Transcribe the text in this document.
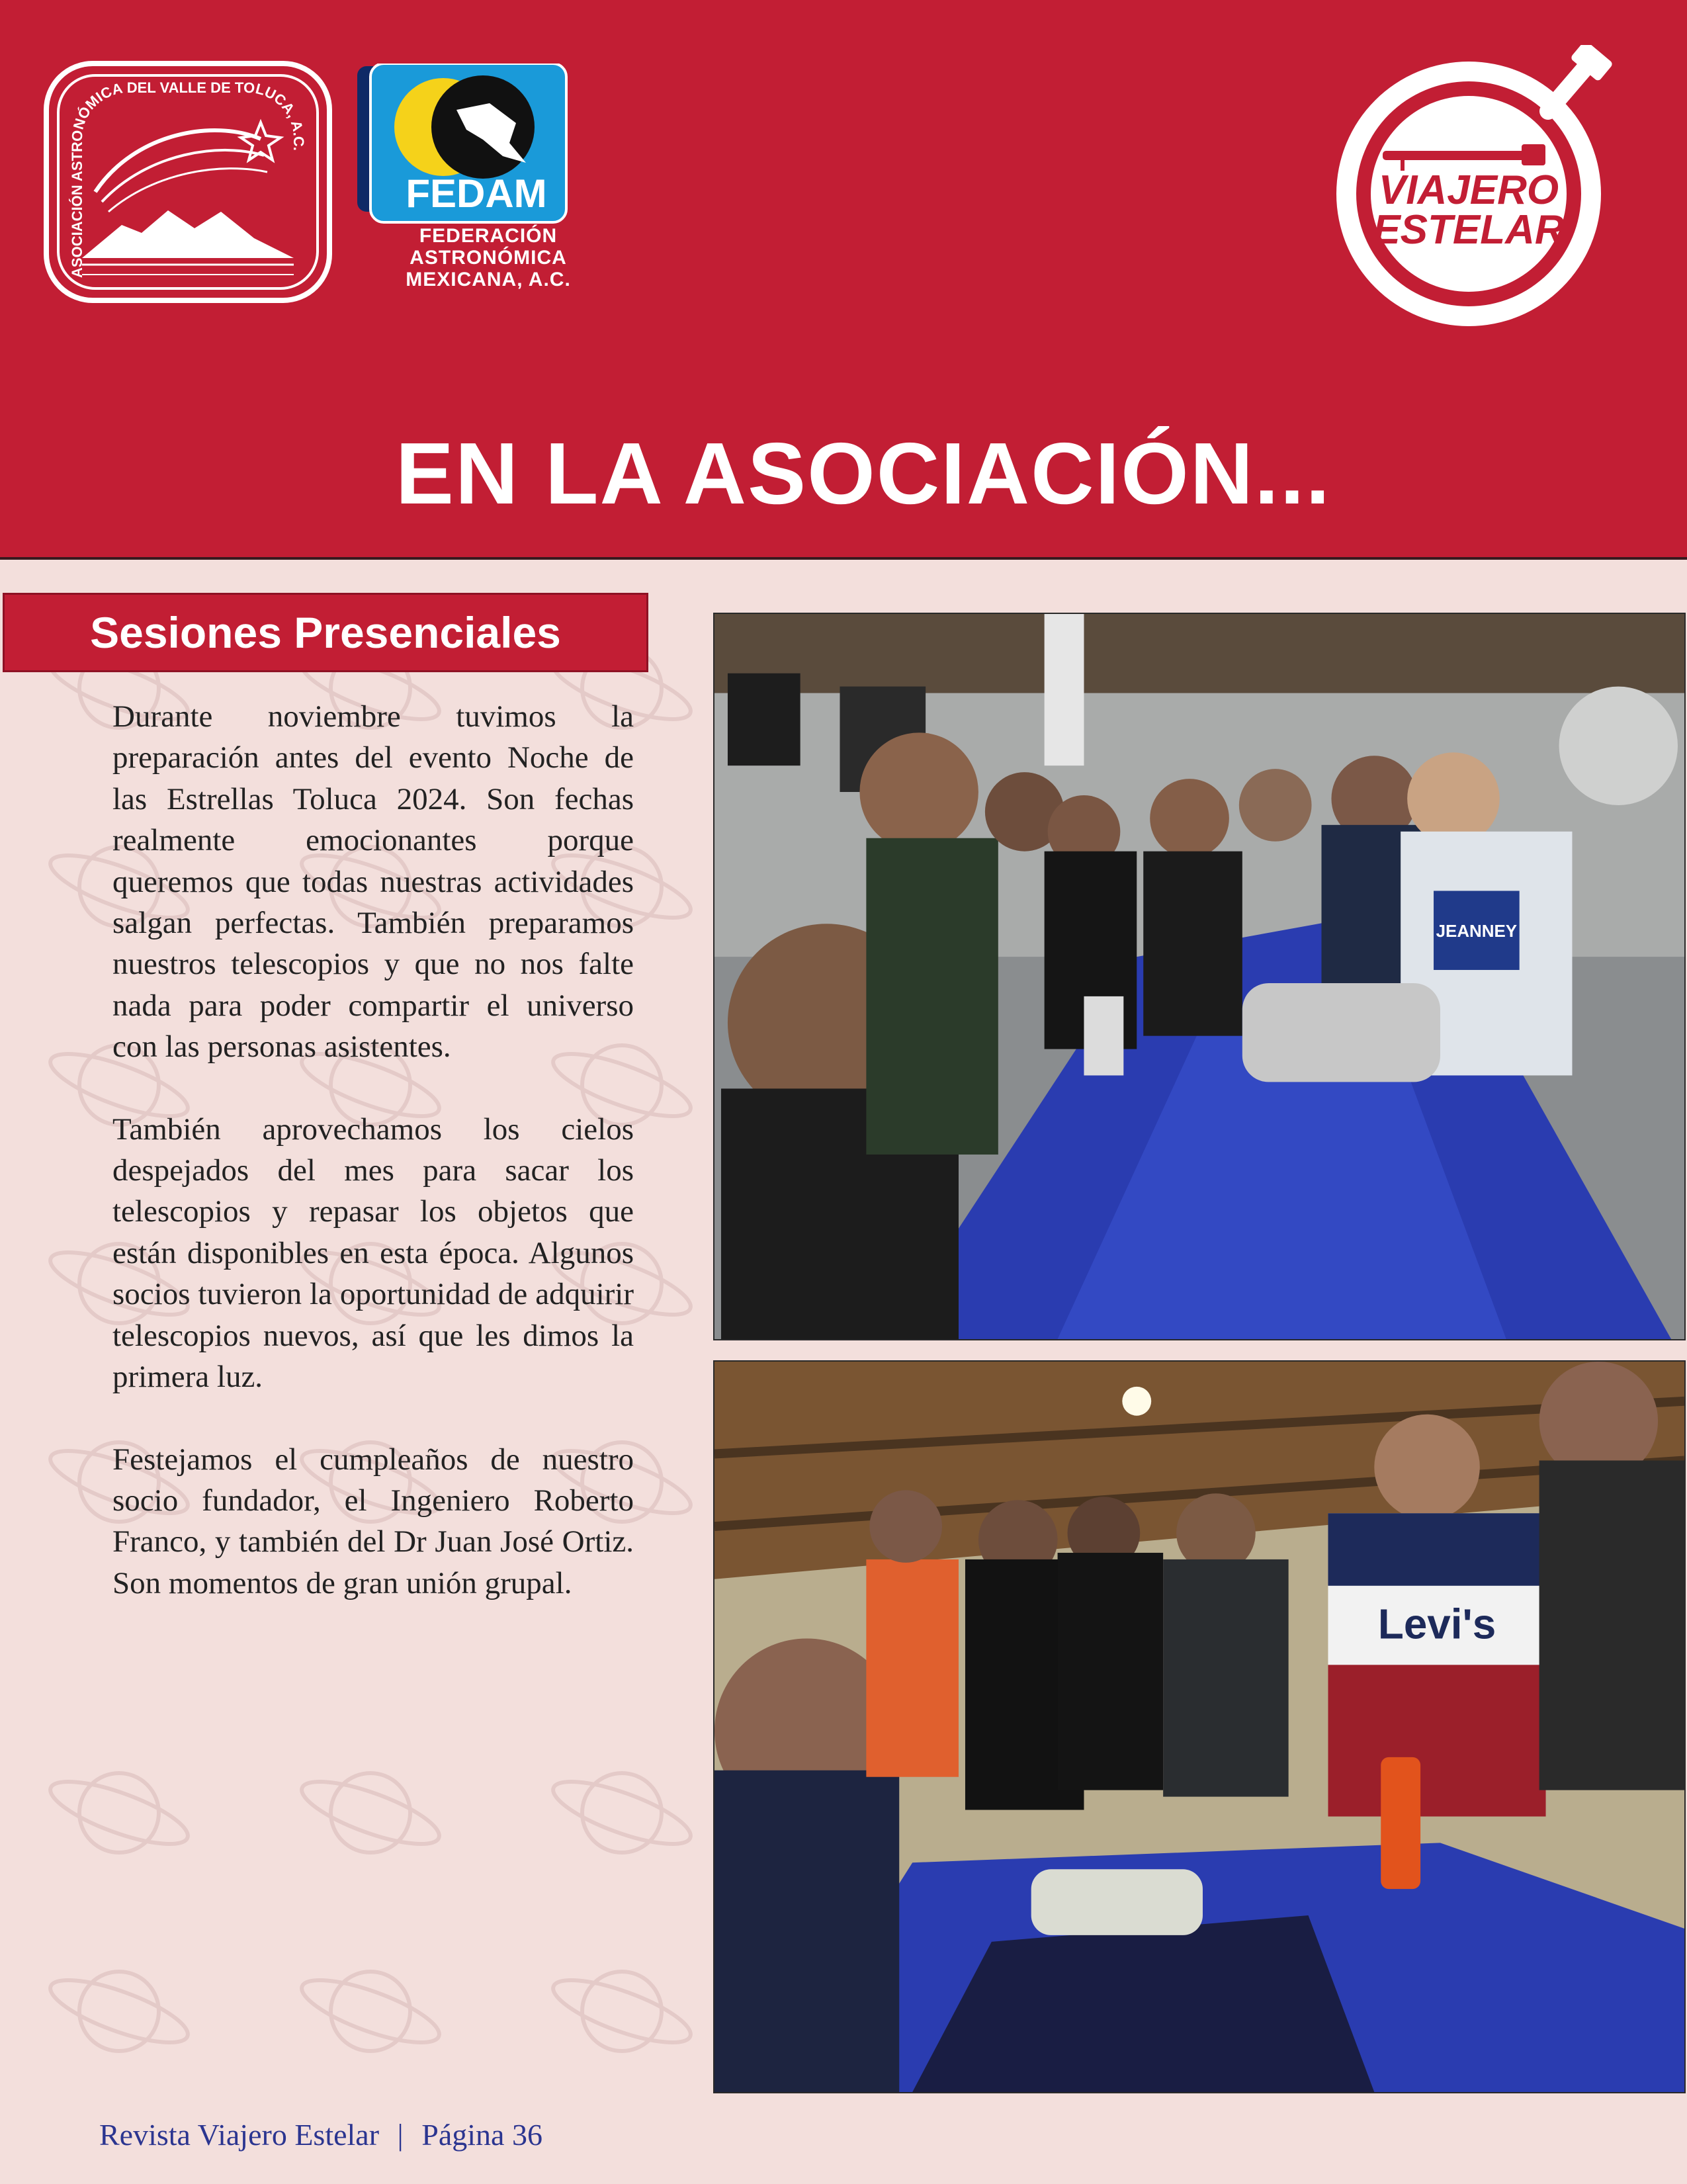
ASOCIACIÓN ASTRONÓMICA DEL VALLE DE TOLUCA, A.C.
FEDAM
FEDERACIÓN
ASTRONÓMICA
MEXICANA, A.C.
VIAJERO
ESTELAR
EN LA ASOCIACIÓN...
Sesiones Presenciales

Durante noviembre tuvimos la preparación antes del evento Noche de las Estrellas Toluca 2024. Son fechas realmente emocionantes porque queremos que todas nuestras actividades salgan perfectas. También preparamos nuestros telescopios y que no nos falte nada para poder compartir el universo con las personas asistentes.

También aprovechamos los cielos despejados del mes para sacar los telescopios y repasar los objetos que están disponibles en esta época. Algunos socios tuvieron la oportunidad de adquirir telescopios nuevos, así que les dimos la primera luz.

Festejamos el cumpleaños de nuestro socio fundador, el Ingeniero Roberto Franco, y también del Dr Juan José Ortiz. Son momentos de gran unión grupal.

JEANNEY
Levi's
Revista Viajero Estelar | Página 36
